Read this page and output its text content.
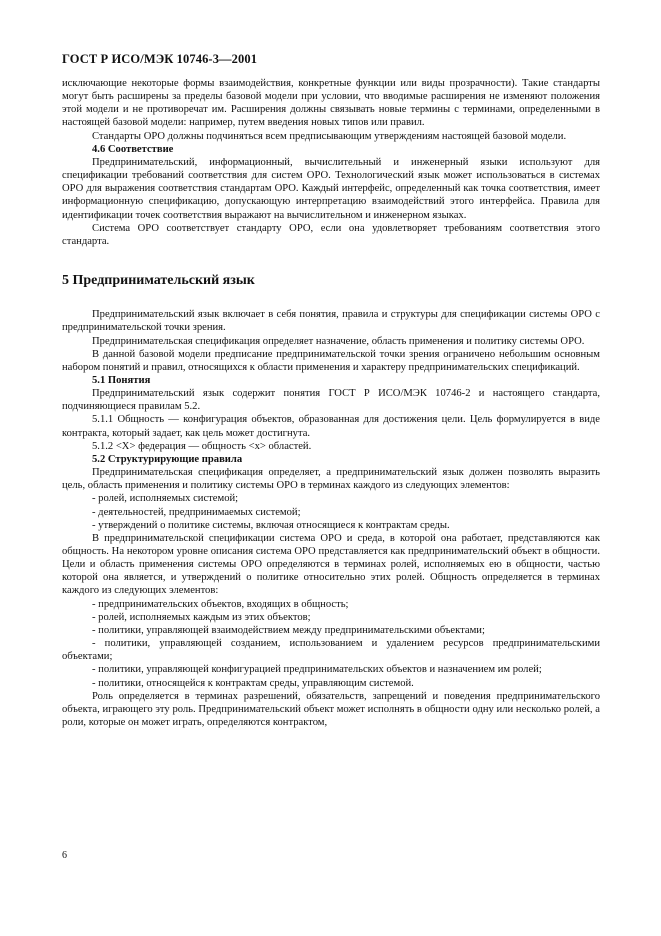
ГОСТ Р ИСО/МЭК 10746-3—2001

исключающие некоторые формы взаимодействия, конкретные функции или виды прозрачности). Такие стандарты могут быть расширены за пределы базовой модели при условии, что вводимые расширения не изменяют положения этой модели и не противоречат им. Расширения должны связывать новые термины с терминами, определенными в настоящей базовой модели: например, путем введения новых типов или правил.

Стандарты ОРО должны подчиняться всем предписывающим утверждениям настоящей базовой модели.

4.6 Соответствие

Предпринимательский, информационный, вычислительный и инженерный языки используют для спецификации требований соответствия для систем ОРО. Технологический язык может использоваться в системах ОРО для выражения соответствия стандартам ОРО. Каждый интерфейс, определенный как точка соответствия, имеет информационную спецификацию, допускающую интерпретацию взаимодействий этого интерфейса. Правила для идентификации точек соответствия выражают на вычислительном и инженерном языках.

Система ОРО соответствует стандарту ОРО, если она удовлетворяет требованиям соответствия этого стандарта.

5 Предпринимательский язык

Предпринимательский язык включает в себя понятия, правила и структуры для спецификации системы ОРО с предпринимательской точки зрения.

Предпринимательская спецификация определяет назначение, область применения и политику системы ОРО.

В данной базовой модели предписание предпринимательской точки зрения ограничено небольшим основным набором понятий и правил, относящихся к области применения и характеру предпринимательских спецификаций.

5.1 Понятия

Предпринимательский язык содержит понятия ГОСТ Р ИСО/МЭК 10746-2 и настоящего стандарта, подчиняющиеся правилам 5.2.

5.1.1 Общность — конфигурация объектов, образованная для достижения цели. Цель формулируется в виде контракта, который задает, как цель может достигнута.

5.1.2 <X> федерация — общность <x> областей.

5.2 Структурирующие правила

Предпринимательская спецификация определяет, а предпринимательский язык должен позволять выразить цель, область применения и политику системы ОРО в терминах каждого из следующих элементов:

- ролей, исполняемых системой;

- деятельностей, предпринимаемых системой;

- утверждений о политике системы, включая относящиеся к контрактам среды.

В предпринимательской спецификации система ОРО и среда, в которой она работает, представляются как общность. На некотором уровне описания система ОРО представляется как предпринимательский объект в общности. Цели и область применения системы ОРО определяются в терминах ролей, исполняемых ею в общности, частью которой она является, и утверждений о политике относительно этих ролей. Общность определяется в терминах каждого из следующих элементов:

- предпринимательских объектов, входящих в общность;

- ролей, исполняемых каждым из этих объектов;

- политики, управляющей взаимодействием между предпринимательскими объектами;

- политики, управляющей созданием, использованием и удалением ресурсов предпринимательскими объектами;

- политики, управляющей конфигурацией предпринимательских объектов и назначением им ролей;

- политики, относящейся к контрактам среды, управляющим системой.

Роль определяется в терминах разрешений, обязательств, запрещений и поведения предпринимательского объекта, играющего эту роль. Предпринимательский объект может исполнять в общности одну или несколько ролей, а роли, которые он может играть, определяются контрактом,

6
